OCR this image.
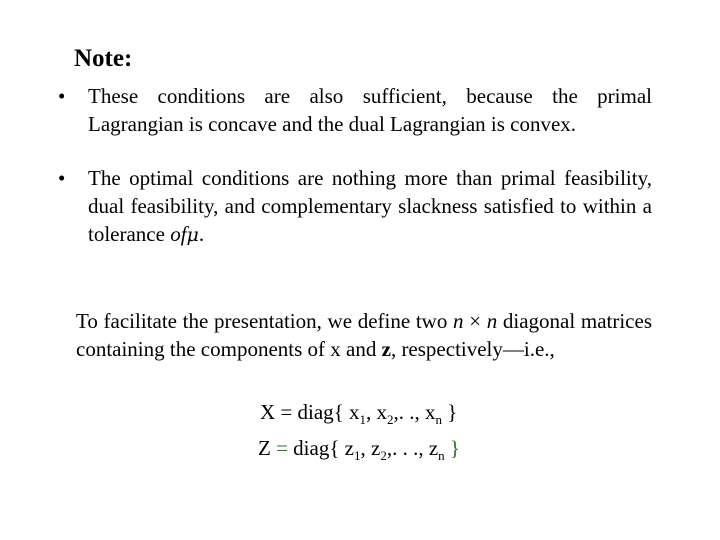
Note:
• These conditions are also sufficient, because the primal Lagrangian is concave and the dual Lagrangian is convex.
• The optimal conditions are nothing more than primal feasibility, dual feasibility, and complementary slackness satisfied to within a tolerance ofμ.
To facilitate the presentation, we define two n × n diagonal matrices containing the components of x and z, respectively—i.e.,
X = diag{ $x_1$, $x_2$,. ., $x_n$ }
Z = diag{ $z_1$, $z_2$,. . ., $z_n$ }
